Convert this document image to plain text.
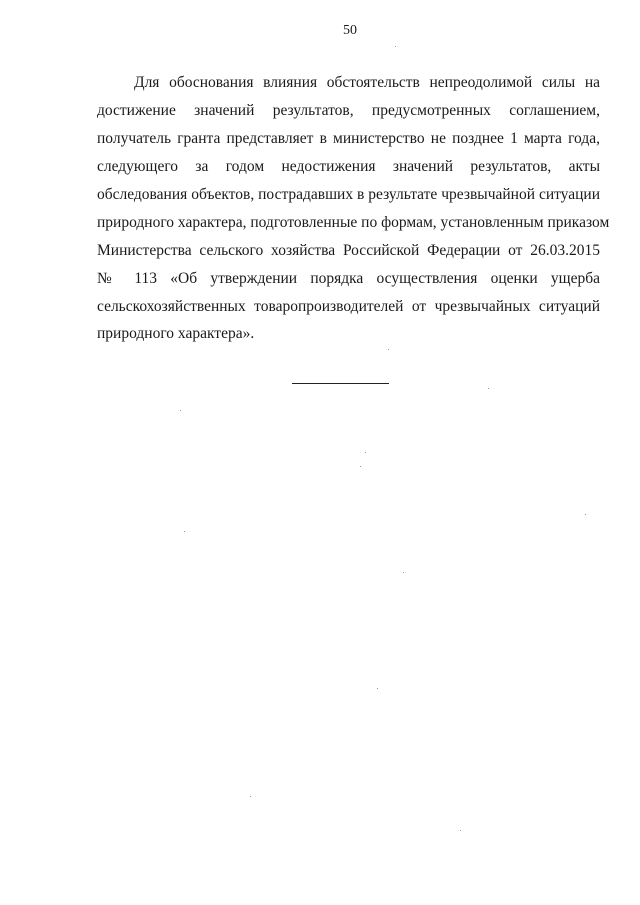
50
Для обоснования влияния обстоятельств непреодолимой силы на
достижение значений результатов, предусмотренных соглашением,
получатель гранта представляет в министерство не позднее 1 марта года,
следующего за годом недостижения значений результатов, акты
обследования объектов, пострадавших в результате чрезвычайной ситуации
природного характера, подготовленные по формам, установленным приказом
Министерства сельского хозяйства Российской Федерации от 26.03.2015
№ 113 «Об утверждении порядка осуществления оценки ущерба
сельскохозяйственных товаропроизводителей от чрезвычайных ситуаций
природного характера».
